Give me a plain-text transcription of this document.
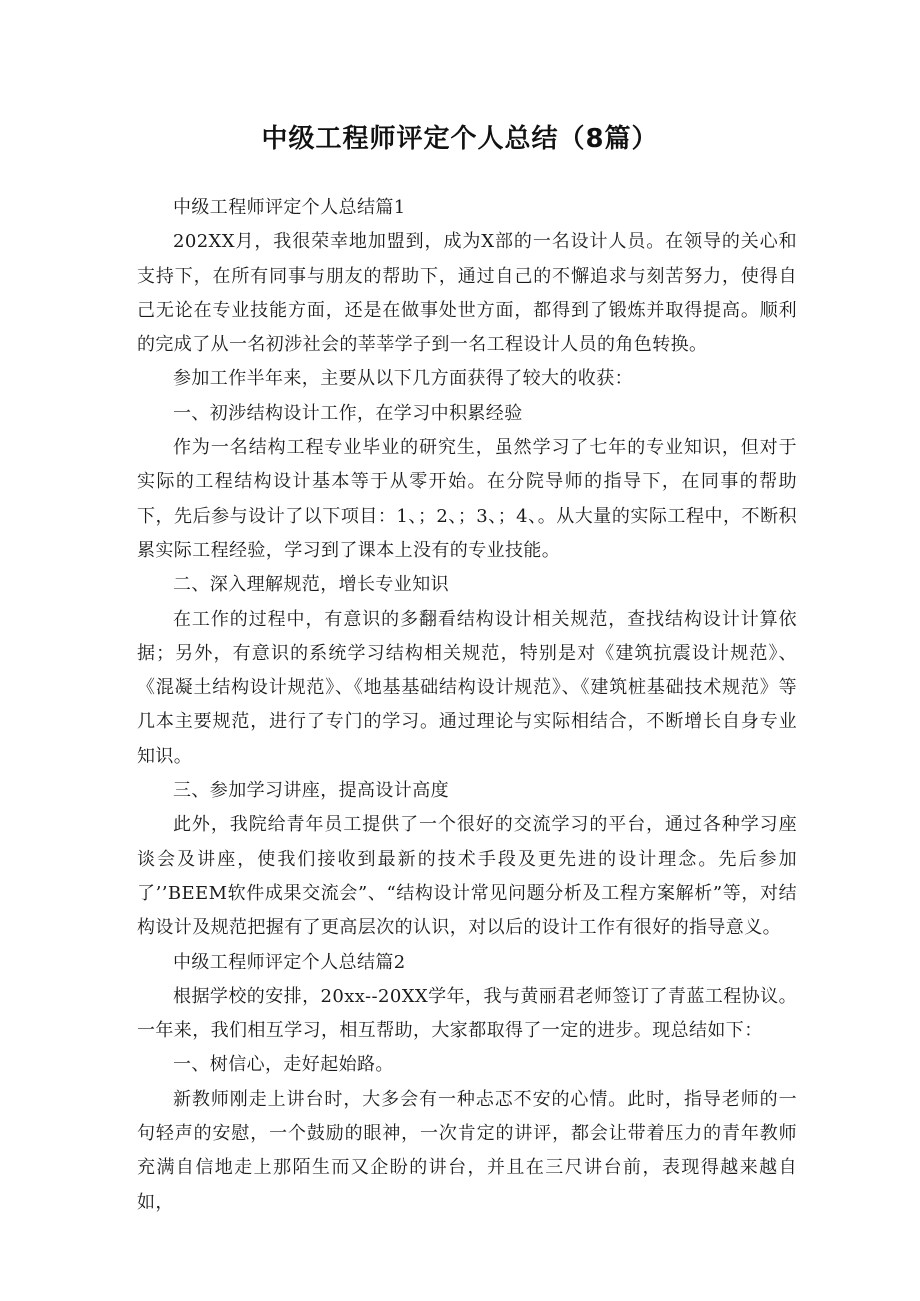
中级工程师评定个人总结（8篇）

中级工程师评定个人总结篇1

202XX月，我很荣幸地加盟到，成为X部的一名设计人员。在领导的关心和支持下，在所有同事与朋友的帮助下，通过自己的不懈追求与刻苦努力，使得自己无论在专业技能方面，还是在做事处世方面，都得到了锻炼并取得提高。顺利的完成了从一名初涉社会的莘莘学子到一名工程设计人员的角色转换。

参加工作半年来，主要从以下几方面获得了较大的收获：

一、初涉结构设计工作，在学习中积累经验

作为一名结构工程专业毕业的研究生，虽然学习了七年的专业知识，但对于实际的工程结构设计基本等于从零开始。在分院导师的指导下，在同事的帮助下，先后参与设计了以下项目：1、；2、；3、；4、。从大量的实际工程中，不断积累实际工程经验，学习到了课本上没有的专业技能。

二、深入理解规范，增长专业知识

在工作的过程中，有意识的多翻看结构设计相关规范，查找结构设计计算依据；另外，有意识的系统学习结构相关规范，特别是对《建筑抗震设计规范》、《混凝土结构设计规范》、《地基基础结构设计规范》、《建筑桩基础技术规范》等几本主要规范，进行了专门的学习。通过理论与实际相结合，不断增长自身专业知识。

三、参加学习讲座，提高设计高度

此外，我院给青年员工提供了一个很好的交流学习的平台，通过各种学习座谈会及讲座，使我们接收到最新的技术手段及更先进的设计理念。先后参加了’’BEEM软件成果交流会”、“结构设计常见问题分析及工程方案解析”等，对结构设计及规范把握有了更高层次的认识，对以后的设计工作有很好的指导意义。

中级工程师评定个人总结篇2

根据学校的安排，20xx--20XX学年，我与黄丽君老师签订了青蓝工程协议。一年来，我们相互学习，相互帮助，大家都取得了一定的进步。现总结如下：

一、树信心，走好起始路。

新教师刚走上讲台时，大多会有一种忐忑不安的心情。此时，指导老师的一句轻声的安慰，一个鼓励的眼神，一次肯定的讲评，都会让带着压力的青年教师充满自信地走上那陌生而又企盼的讲台，并且在三尺讲台前，表现得越来越自如，
